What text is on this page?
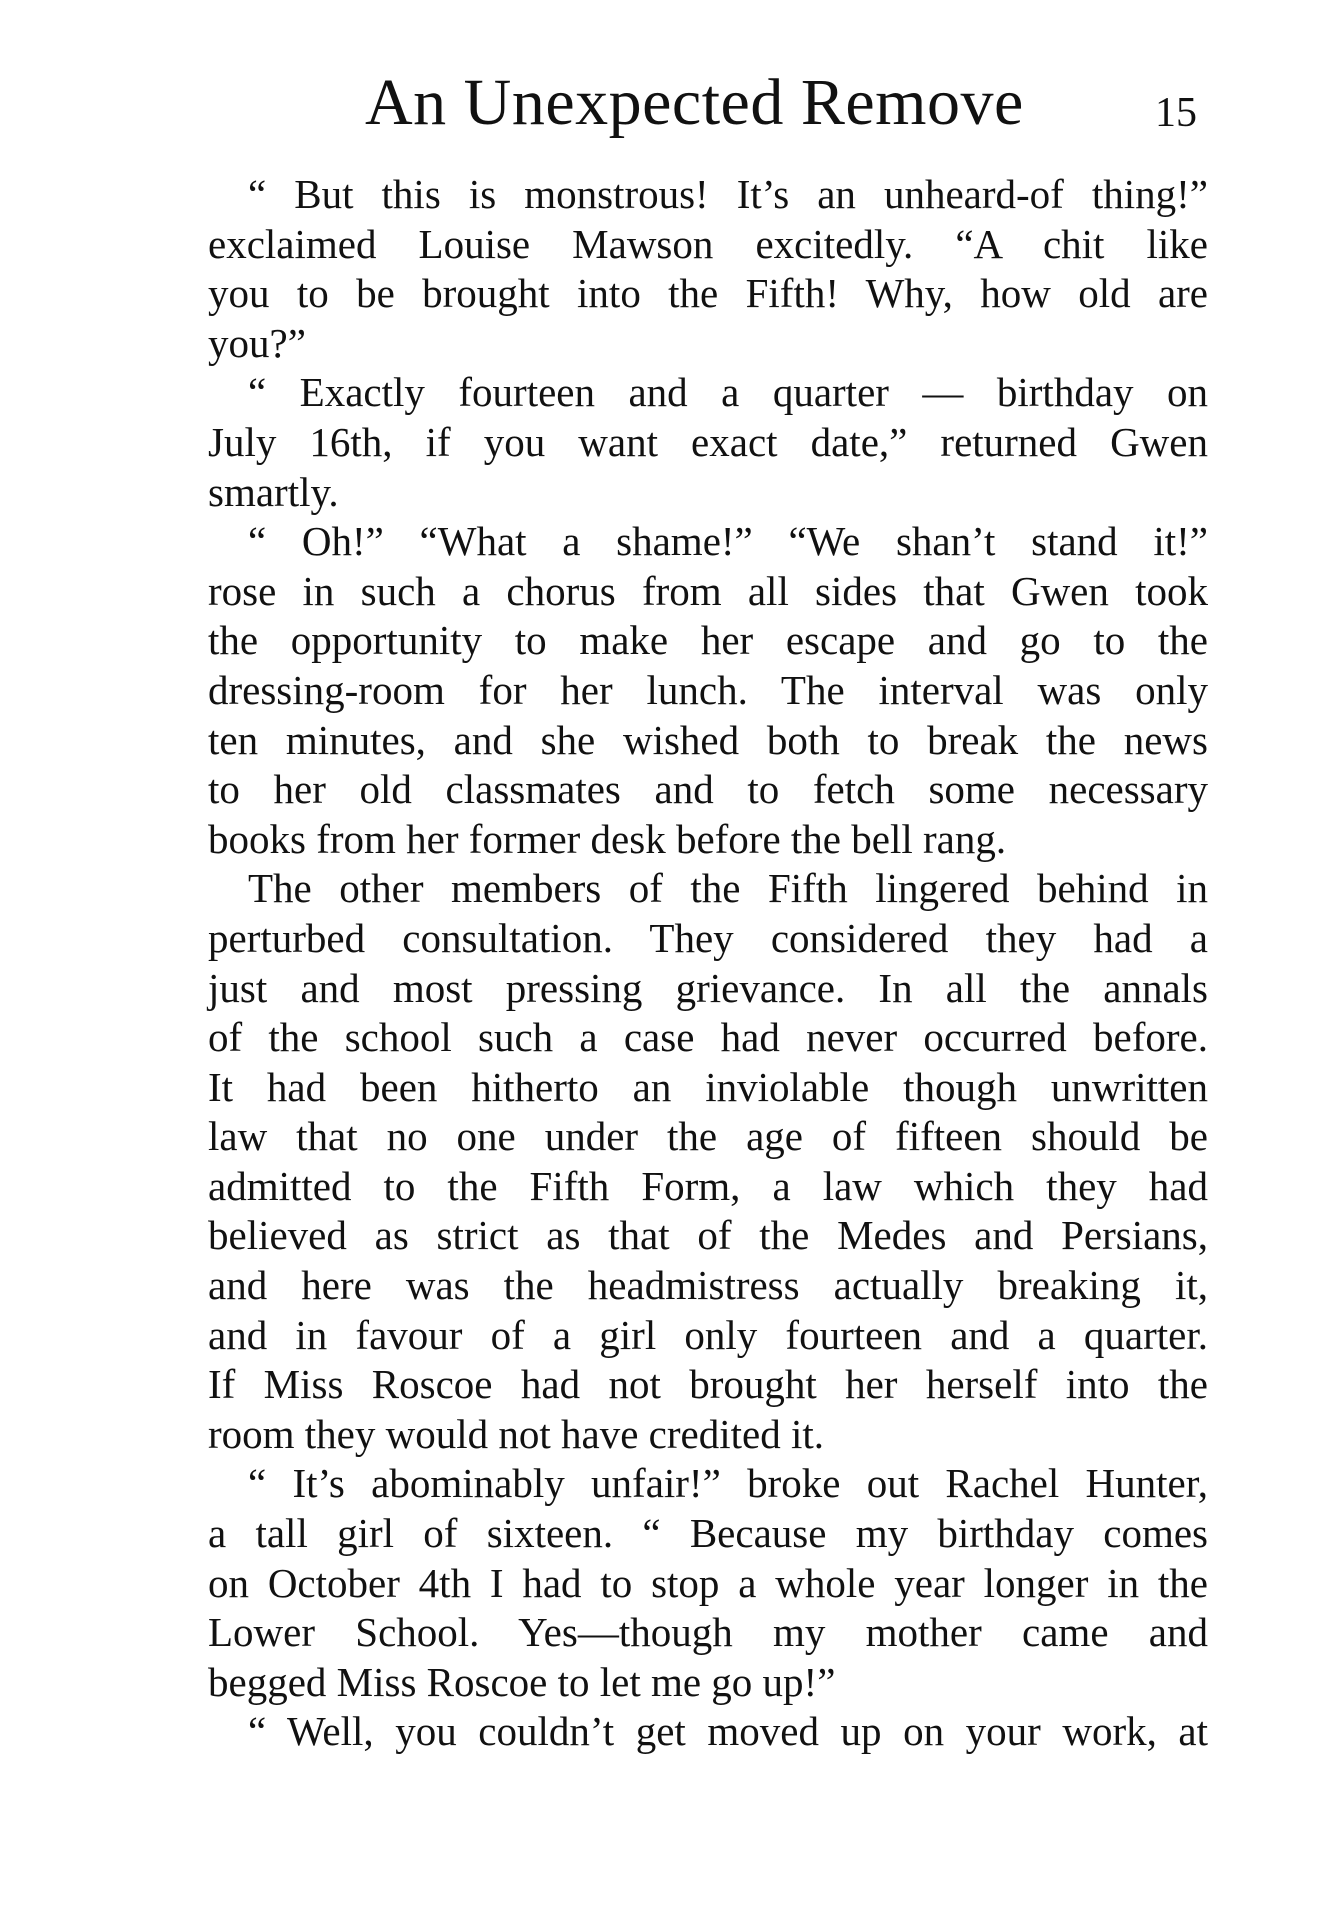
An Unexpected Remove	15
“ But this is monstrous! It’s an unheard-of thing!”
exclaimed Louise Mawson excitedly. “A chit like
you to be brought into the Fifth! Why, how old are
you?”
“ Exactly fourteen and a quarter — birthday on
July 16th, if you want exact date,” returned Gwen
smartly.
“ Oh!” “What a shame!” “We shan’t stand it!”
rose in such a chorus from all sides that Gwen took
the opportunity to make her escape and go to the
dressing-room for her lunch. The interval was only
ten minutes, and she wished both to break the news
to her old classmates and to fetch some necessary
books from her former desk before the bell rang.
The other members of the Fifth lingered behind in
perturbed consultation. They considered they had a
just and most pressing grievance. In all the annals
of the school such a case had never occurred before.
It had been hitherto an inviolable though unwritten
law that no one under the age of fifteen should be
admitted to the Fifth Form, a law which they had
believed as strict as that of the Medes and Persians,
and here was the headmistress actually breaking it,
and in favour of a girl only fourteen and a quarter.
If Miss Roscoe had not brought her herself into the
room they would not have credited it.
“ It’s abominably unfair!” broke out Rachel Hunter,
a tall girl of sixteen. “ Because my birthday comes
on October 4th I had to stop a whole year longer in the
Lower School. Yes—though my mother came and
begged Miss Roscoe to let me go up!”
“ Well, you couldn’t get moved up on your work, at
